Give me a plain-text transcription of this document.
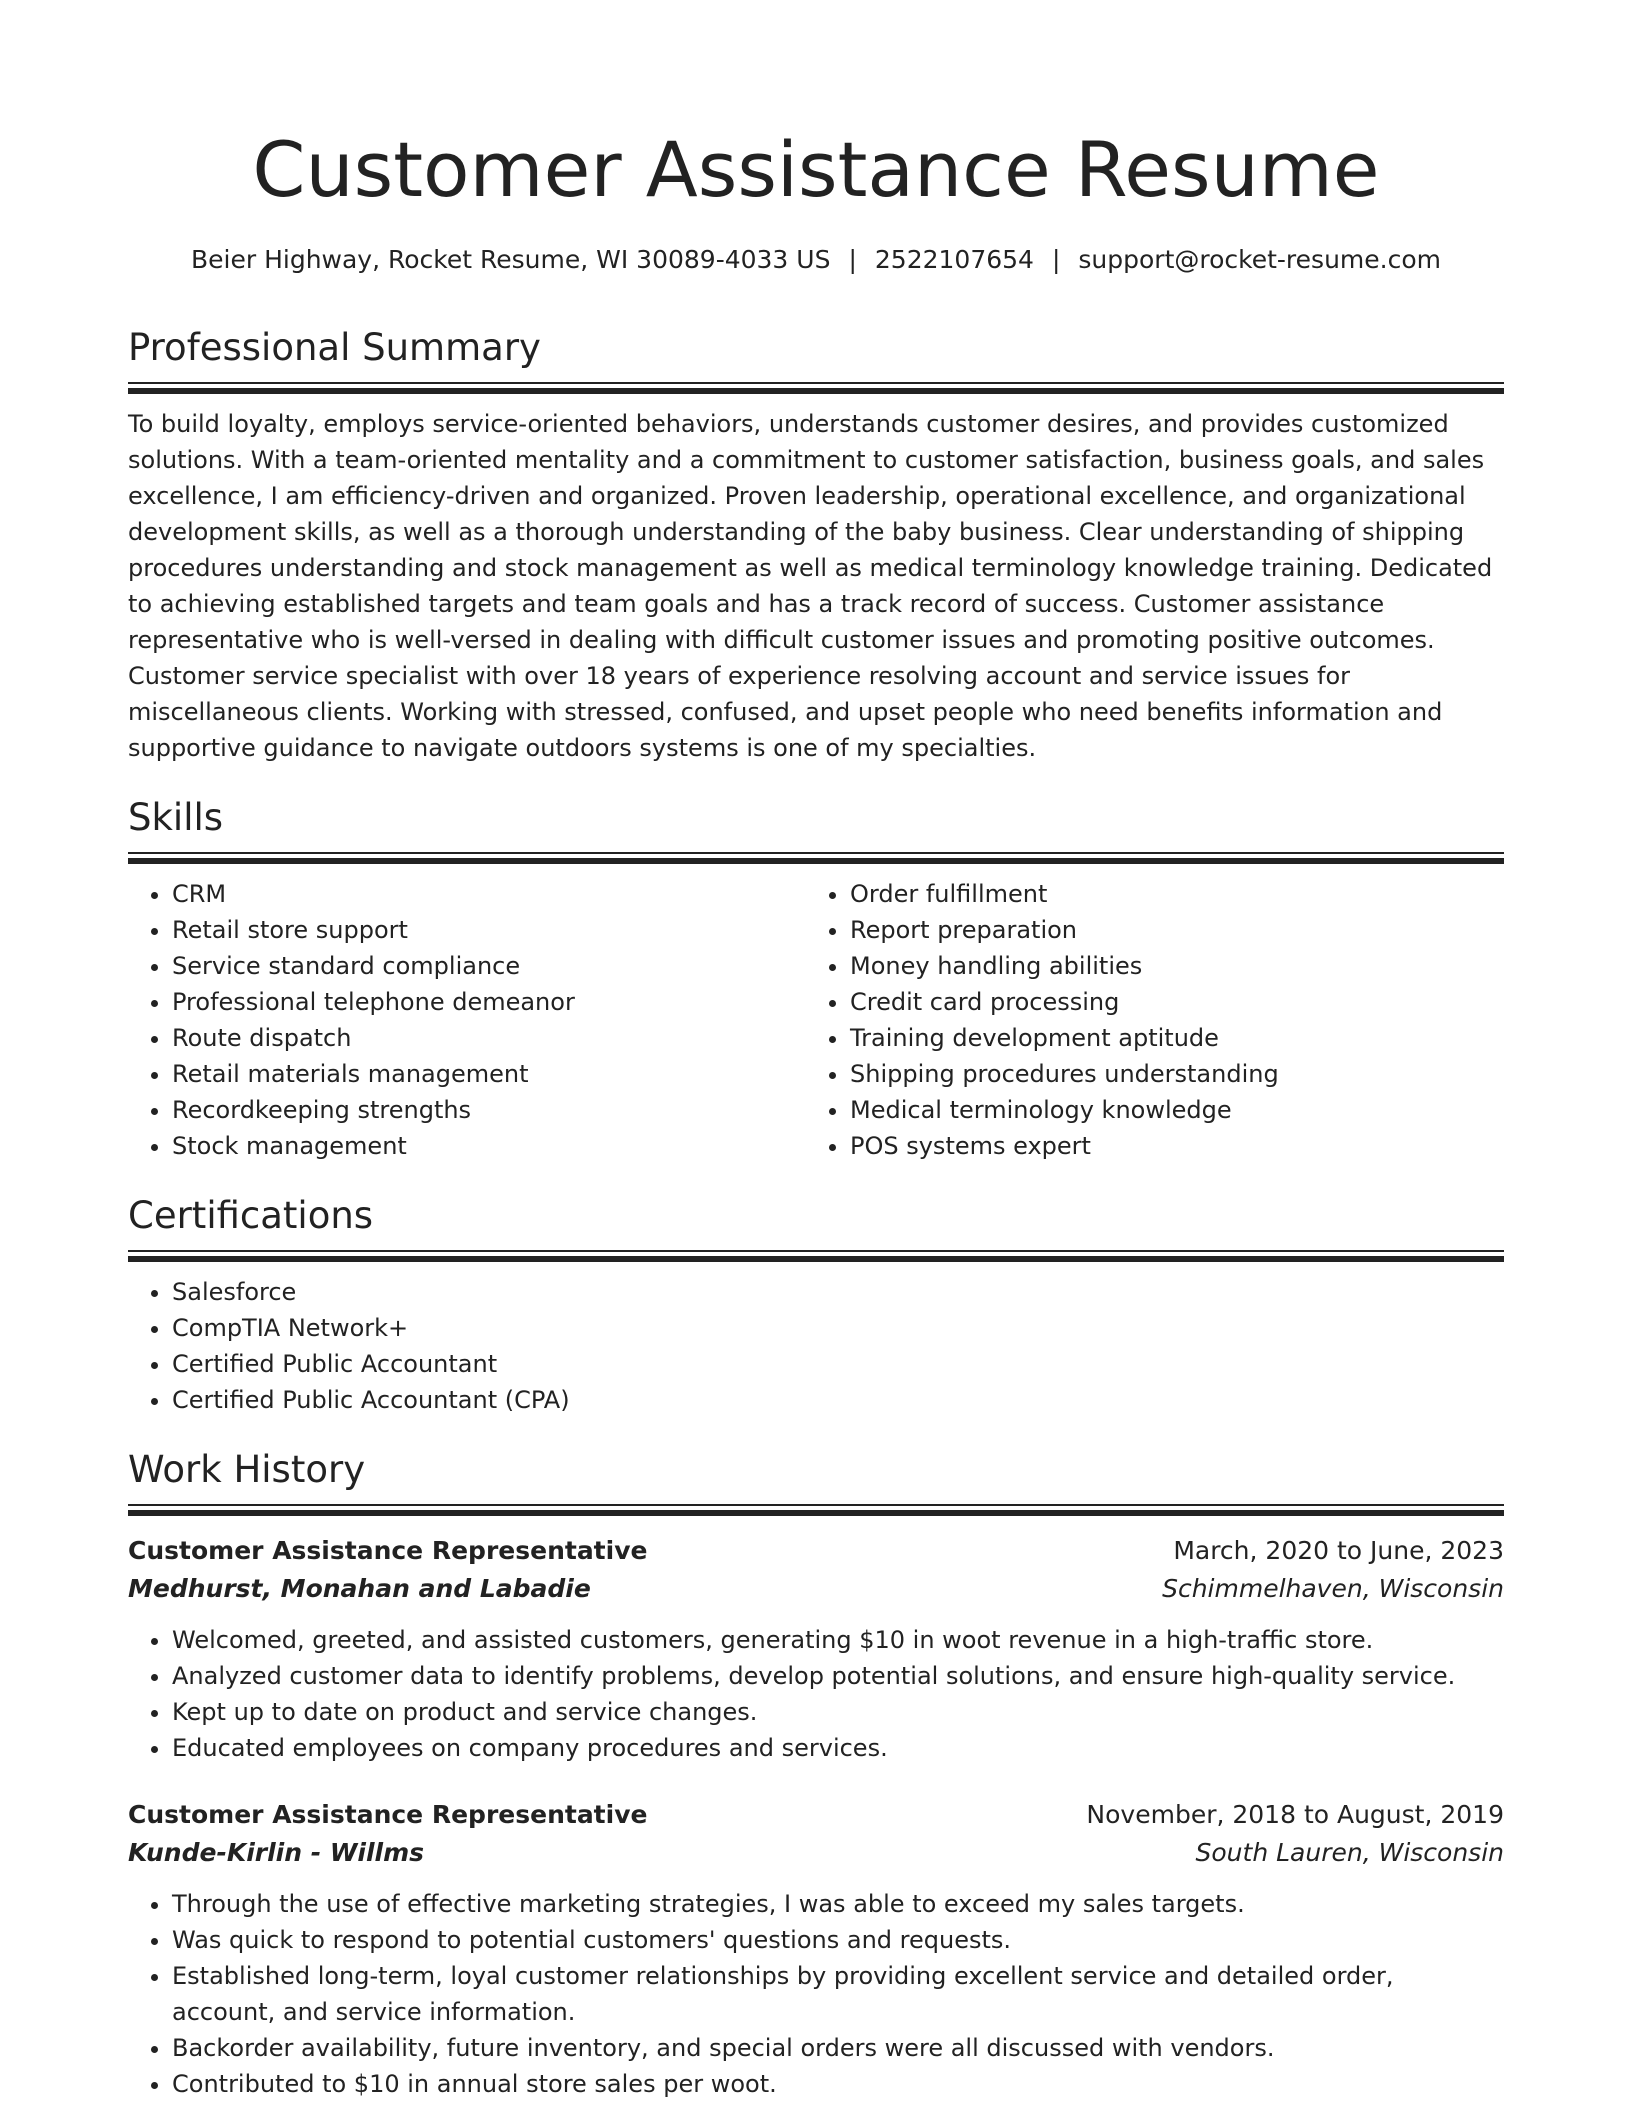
Customer Assistance Resume
Beier Highway, Rocket Resume, WI 30089-4033 US | 2522107654 | support@rocket-resume.com
Professional Summary

To build loyalty, employs service-oriented behaviors, understands customer desires, and provides customized solutions. With a team-oriented mentality and a commitment to customer satisfaction, business goals, and sales excellence, I am efficiency-driven and organized. Proven leadership, operational excellence, and organizational development skills, as well as a thorough understanding of the baby business. Clear understanding of shipping procedures understanding and stock management as well as medical terminology knowledge training. Dedicated to achieving established targets and team goals and has a track record of success. Customer assistance representative who is well-versed in dealing with difficult customer issues and promoting positive outcomes. Customer service specialist with over 18 years of experience resolving account and service issues for miscellaneous clients. Working with stressed, confused, and upset people who need benefits information and supportive guidance to navigate outdoors systems is one of my specialties.

Skills
• CRM
• Retail store support
• Service standard compliance
• Professional telephone demeanor
• Route dispatch
• Retail materials management
• Recordkeeping strengths
• Stock management
• Order fulfillment
• Report preparation
• Money handling abilities
• Credit card processing
• Training development aptitude
• Shipping procedures understanding
• Medical terminology knowledge
• POS systems expert
Certifications
• Salesforce
• CompTIA Network+
• Certified Public Accountant
• Certified Public Accountant (CPA)
Work History
Customer Assistance Representative	March, 2020 to June, 2023
Medhurst, Monahan and Labadie	Schimmelhaven, Wisconsin
• Welcomed, greeted, and assisted customers, generating $10 in woot revenue in a high-traffic store.
• Analyzed customer data to identify problems, develop potential solutions, and ensure high-quality service.
• Kept up to date on product and service changes.
• Educated employees on company procedures and services.
Customer Assistance Representative	November, 2018 to August, 2019
Kunde-Kirlin - Willms	South Lauren, Wisconsin
• Through the use of effective marketing strategies, I was able to exceed my sales targets.
• Was quick to respond to potential customers' questions and requests.
• Established long-term, loyal customer relationships by providing excellent service and detailed order, account, and service information.
• Backorder availability, future inventory, and special orders were all discussed with vendors.
• Contributed to $10 in annual store sales per woot.
